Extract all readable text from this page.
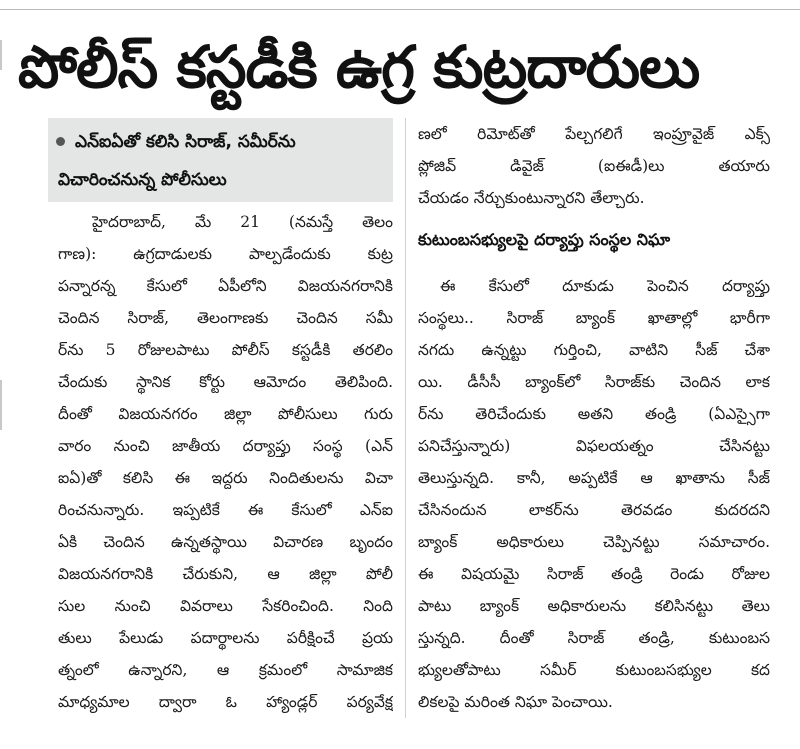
పోలీస్ కస్టడీకి ఉగ్ర కుట్రదారులు
ఎన్ఐఏతో కలిసి సిరాజ్, సమీర్‌ను
విచారించనున్న పోలీసులు
హైదరాబాద్, మే 21 (నమస్తే తెలం
గాణ): ఉగ్రదాడులకు పాల్పడేందుకు కుట్ర
పన్నారన్న కేసులో ఏపీలోని విజయనగరానికి
చెందిన సిరాజ్, తెలంగాణకు చెందిన సమీ
ర్‌ను 5 రోజులపాటు పోలీస్ కస్టడీకి తరలిం
చేందుకు స్థానిక కోర్టు ఆమోదం తెలిపింది.
దీంతో విజయనగరం జిల్లా పోలీసులు గురు
వారం నుంచి జాతీయ దర్యాప్తు సంస్థ (ఎన్
ఐఏ)తో కలిసి ఈ ఇద్దరు నిందితులను విచా
రించనున్నారు. ఇప్పటికే ఈ కేసులో ఎన్ఐ
ఏకి చెందిన ఉన్నతస్థాయి విచారణ బృందం
విజయనగరానికి చేరుకుని, ఆ జిల్లా పోలీ
సుల నుంచి వివరాలు సేకరించింది. నింది
తులు పేలుడు పదార్థాలను పరీక్షించే ప్రయ
త్నంలో ఉన్నారని, ఆ క్రమంలో సామాజిక
మాధ్యమాల ద్వారా ఓ హ్యాండ్లర్ పర్యవేక్ష
ణలో రిమోట్‌తో పేల్చగలిగే ఇంప్రూవైజ్ ఎక్స్
ప్లోజివ్ డివైజ్ (ఐఈడీ)లు తయారు
చేయడం నేర్చుకుంటున్నారని తేల్చారు.
కుటుంబసభ్యులపై దర్యాప్తు సంస్థల నిఘా
ఈ కేసులో దూకుడు పెంచిన దర్యాప్తు
సంస్థలు.. సిరాజ్ బ్యాంక్ ఖాతాల్లో భారీగా
నగదు ఉన్నట్టు గుర్తించి, వాటిని సీజ్ చేశా
యి. డీసీసీ బ్యాంక్‌లో సిరాజ్‌కు చెందిన లాక
ర్‌ను తెరిచేందుకు అతని తండ్రి (ఏఎస్సైగా
పనిచేస్తున్నారు) విఫలయత్నం చేసినట్టు
తెలుస్తున్నది. కానీ, అప్పటికే ఆ ఖాతాను సీజ్
చేసినందున లాకర్‌ను తెరవడం కుదరదని
బ్యాంక్ అధికారులు చెప్పినట్టు సమాచారం.
ఈ విషయమై సిరాజ్ తండ్రి రెండు రోజుల
పాటు బ్యాంక్ అధికారులను కలిసినట్టు తెలు
స్తున్నది. దీంతో సిరాజ్ తండ్రి, కుటుంబస
భ్యులతోపాటు సమీర్ కుటుంబసభ్యుల కద
లికలపై మరింత నిఘా పెంచాయి.
